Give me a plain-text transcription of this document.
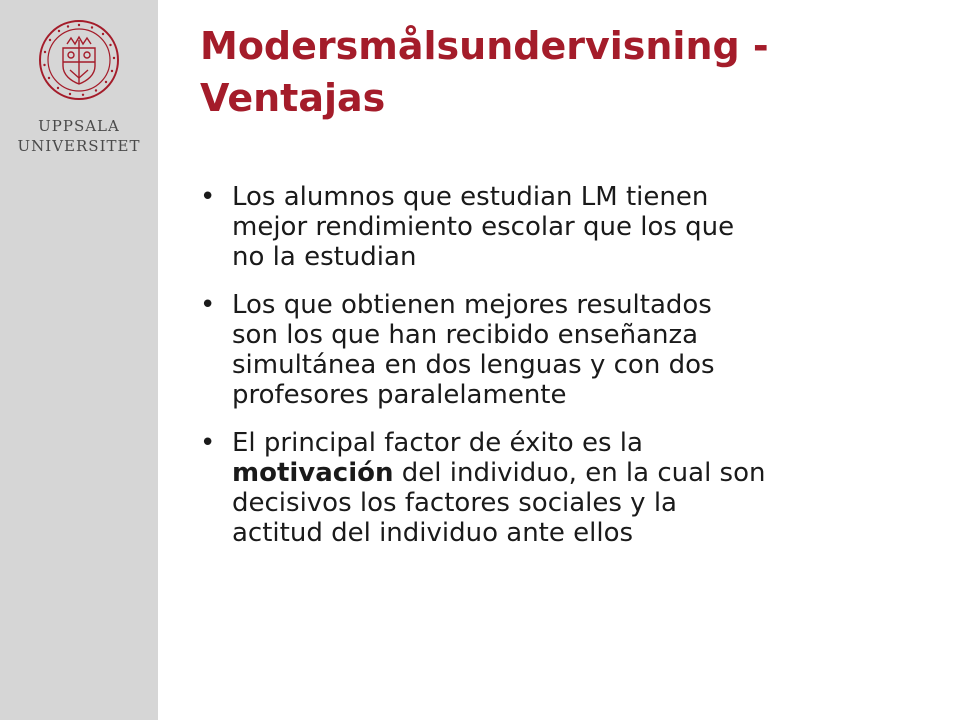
UPPSALA
UNIVERSITET
Modersmålsundervisning -
Ventajas
• Los alumnos que estudian LM tienen
mejor rendimiento escolar que los que
no la estudian
• Los que obtienen mejores resultados
son los que han recibido enseñanza
simultánea en dos lenguas y con dos
profesores paralelamente
• El principal factor de éxito es la
motivación del individuo, en la cual son
decisivos los factores sociales y la
actitud del individuo ante ellos
